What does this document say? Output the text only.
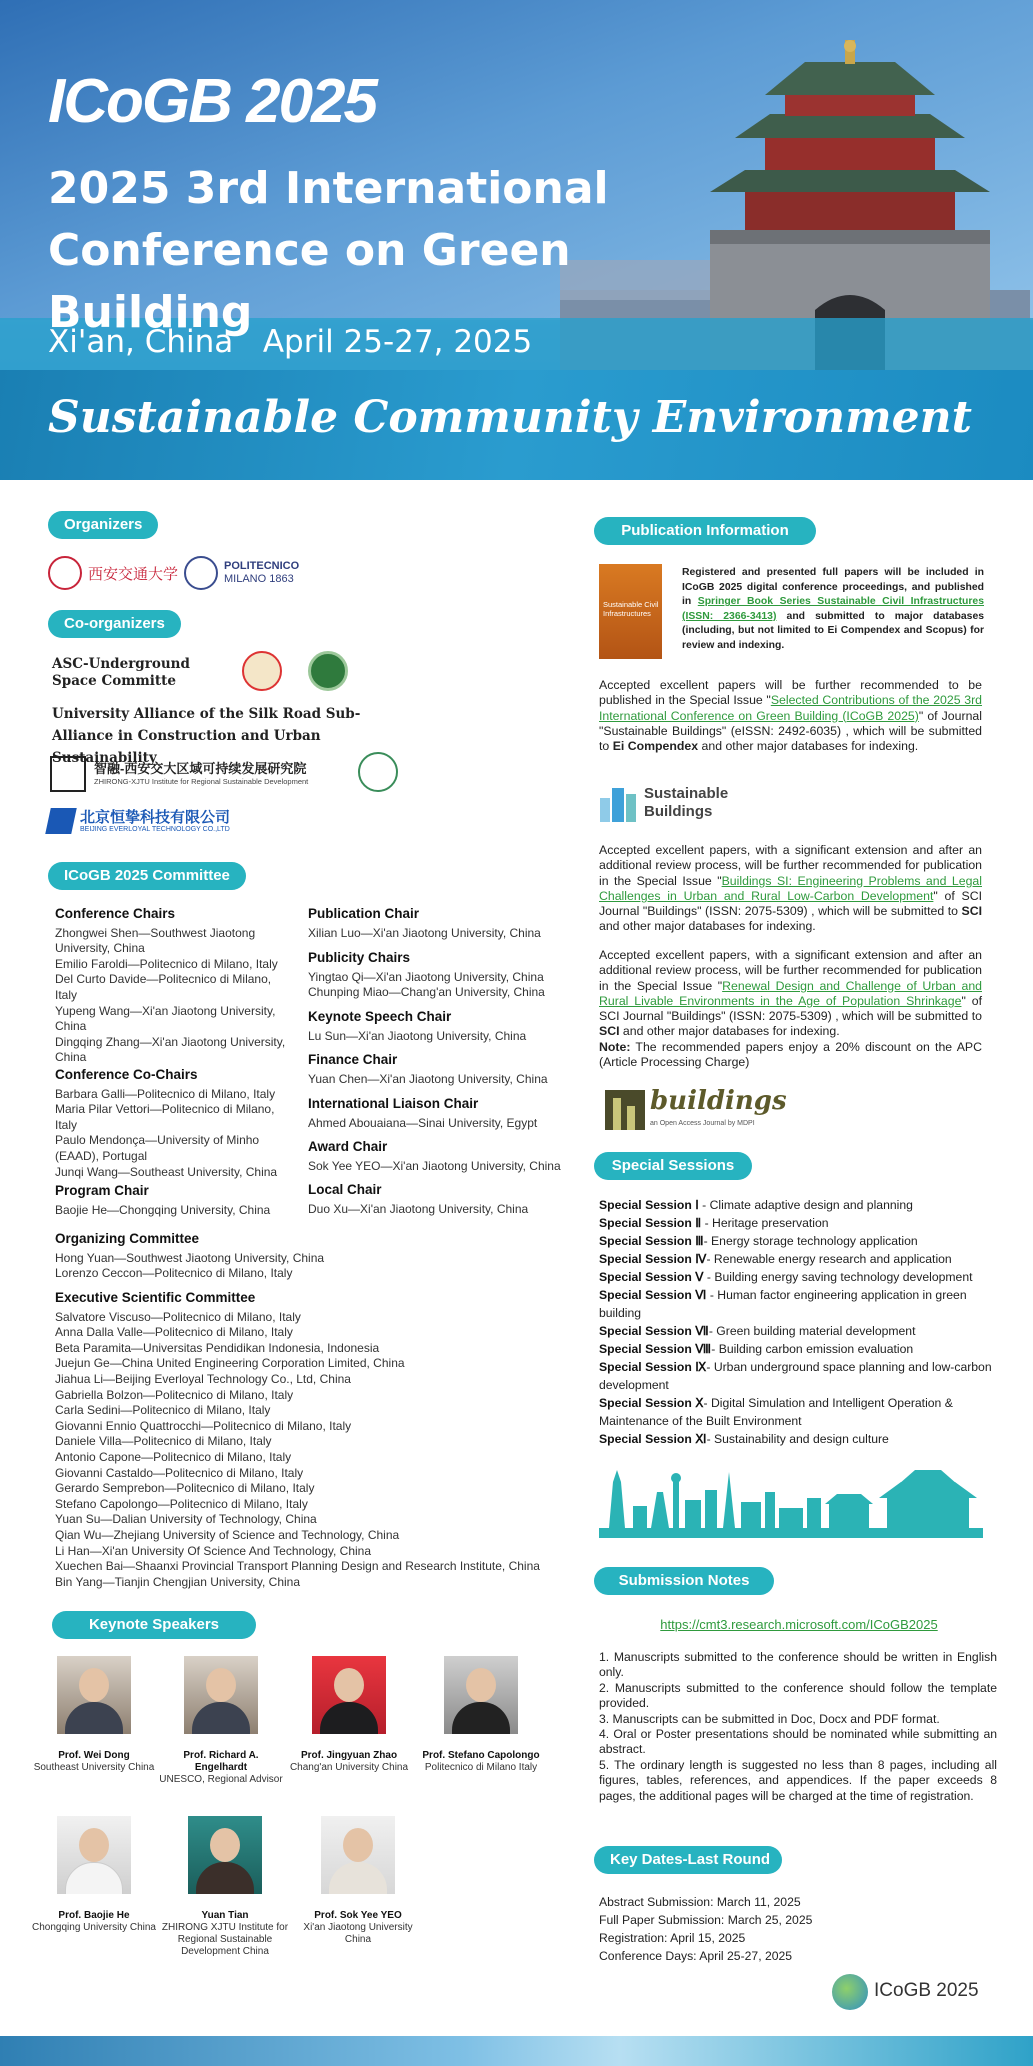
ICoGB 2025
2025 3rd International
Conference on Green Building
Xi'an, China   April 25-27, 2025
Sustainable Community Environment
Organizers
西安交通大学	POLITECNICO
MILANO 1863
Co-organizers
ASC-Underground Space Committe
University Alliance of the Silk Road Sub-Alliance in Construction and Urban Sustainability
智融-西安交大区域可持续发展研究院
ZHIRONG-XJTU Institute for Regional Sustainable Development
北京恒挚科技有限公司
BEIJING EVERLOYAL TECHNOLOGY CO.,LTD
ICoGB 2025 Committee
Conference Chairs
Zhongwei Shen—Southwest Jiaotong University, China
Emilio Faroldi—Politecnico di Milano, Italy
Del Curto Davide—Politecnico di Milano, Italy
Yupeng Wang—Xi'an Jiaotong University, China
Dingqing Zhang—Xi'an Jiaotong University, China
Conference Co-Chairs
Barbara Galli—Politecnico di Milano, Italy
Maria Pilar Vettori—Politecnico di Milano, Italy
Paulo Mendonça—University of Minho (EAAD), Portugal
Junqi Wang—Southeast University, China
Program Chair
Baojie He—Chongqing University, China
Publication Chair
Xilian Luo—Xi'an Jiaotong University, China
Publicity Chairs
Yingtao Qi—Xi'an Jiaotong University, China
Chunping Miao—Chang'an University, China
Keynote Speech Chair
Lu Sun—Xi'an Jiaotong University, China
Finance Chair
Yuan Chen—Xi'an Jiaotong University, China
International Liaison Chair
Ahmed Abouaiana—Sinai University, Egypt
Award Chair
Sok Yee YEO—Xi'an Jiaotong University, China
Local Chair
Duo Xu—Xi'an Jiaotong University, China
Organizing Committee
Hong Yuan—Southwest Jiaotong University, China
Lorenzo Ceccon—Politecnico di Milano, Italy
Executive Scientific Committee
Salvatore Viscuso—Politecnico di Milano, Italy
Anna Dalla Valle—Politecnico di Milano, Italy
Beta Paramita—Universitas Pendidikan Indonesia, Indonesia
Juejun Ge—China United Engineering Corporation Limited, China
Jiahua Li—Beijing Everloyal Technology Co., Ltd, China
Gabriella Bolzon—Politecnico di Milano, Italy
Carla Sedini—Politecnico di Milano, Italy
Giovanni Ennio Quattrocchi—Politecnico di Milano, Italy
Daniele Villa—Politecnico di Milano, Italy
Antonio Capone—Politecnico di Milano, Italy
Giovanni Castaldo—Politecnico di Milano, Italy
Gerardo Semprebon—Politecnico di Milano, Italy
Stefano Capolongo—Politecnico di Milano, Italy
Yuan Su—Dalian University of Technology, China
Qian Wu—Zhejiang University of Science and Technology, China
Li Han—Xi'an University Of Science And Technology, China
Xuechen Bai—Shaanxi Provincial Transport Planning Design and Research Institute, China
Bin Yang—Tianjin Chengjian University, China
Keynote Speakers
Prof. Wei Dong
Southeast University China
Prof. Richard A. Engelhardt
UNESCO, Regional Advisor
Prof. Jingyuan Zhao
Chang'an University China
Prof. Stefano Capolongo
Politecnico di Milano Italy
Prof. Baojie He
Chongqing University China
Yuan Tian
ZHIRONG XJTU Institute for Regional Sustainable Development China
Prof. Sok Yee YEO
Xi'an Jiaotong University China
Publication Information
Sustainable Civil Infrastructures
Registered and presented full papers will be included in ICoGB 2025 digital conference proceedings, and published in Springer Book Series Sustainable Civil Infrastructures (ISSN: 2366-3413) and submitted to major databases (including, but not limited to Ei Compendex and Scopus) for review and indexing.
Accepted excellent papers will be further recommended to be published in the Special Issue "Selected Contributions of the 2025 3rd International Conference on Green Building (ICoGB 2025)" of Journal "Sustainable Buildings" (eISSN: 2492-6035) , which will be submitted to Ei Compendex and other major databases for indexing.
Sustainable Buildings
Accepted excellent papers, with a significant extension and after an additional review process, will be further recommended for publication in the Special Issue "Buildings SI: Engineering Problems and Legal Challenges in Urban and Rural Low-Carbon Development" of SCI Journal "Buildings" (ISSN: 2075-5309) , which will be submitted to SCI and other major databases for indexing.
Accepted excellent papers, with a significant extension and after an additional review process, will be further recommended for publication in the Special Issue "Renewal Design and Challenge of Urban and Rural Livable Environments in the Age of Population Shrinkage" of SCI Journal "Buildings" (ISSN: 2075-5309) , which will be submitted to SCI and other major databases for indexing.
Note: The recommended papers enjoy a 20% discount on the APC (Article Processing Charge)
buildings
an Open Access Journal by MDPI
Special Sessions
Special Session Ⅰ - Climate adaptive design and planning
Special Session Ⅱ - Heritage preservation
Special Session Ⅲ- Energy storage technology application
Special Session Ⅳ- Renewable energy research and application
Special Session Ⅴ - Building energy saving technology development
Special Session Ⅵ - Human factor engineering application in green building
Special Session Ⅶ- Green building material development
Special Session Ⅷ- Building carbon emission evaluation
Special Session Ⅸ- Urban underground space planning and low-carbon development
Special Session Ⅹ- Digital Simulation and Intelligent Operation & Maintenance of the Built Environment
Special Session Ⅺ- Sustainability and design culture
Submission Notes
https://cmt3.research.microsoft.com/ICoGB2025
1. Manuscripts submitted to the conference should be written in English only.
2. Manuscripts submitted to the conference should follow the template provided.
3. Manuscripts can be submitted in Doc, Docx and PDF format.
4. Oral or Poster presentations should be nominated while submitting an abstract.
5. The ordinary length is suggested no less than 8 pages, including all figures, tables, references, and appendices. If the paper exceeds 8 pages, the additional pages will be charged at the time of registration.
Key Dates-Last Round
Abstract Submission: March 11, 2025
Full Paper Submission: March 25, 2025
Registration: April 15, 2025
Conference Days: April 25-27, 2025
ICoGB 2025
